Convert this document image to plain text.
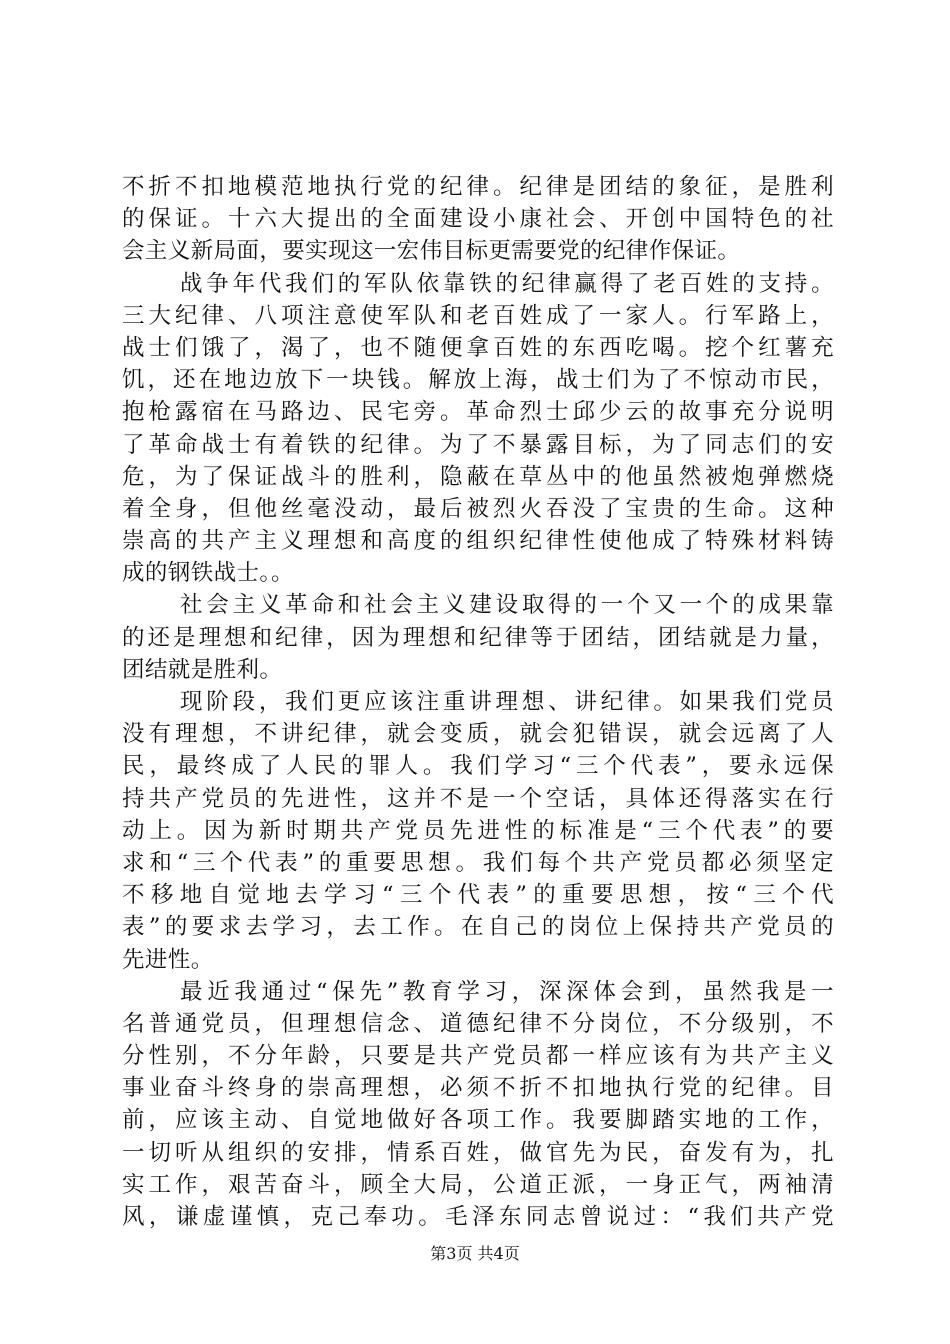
不折不扣地模范地执行党的纪律。纪律是团结的象征，是胜利
的保证。十六大提出的全面建设小康社会、开创中国特色的社
会主义新局面，要实现这一宏伟目标更需要党的纪律作保证。
战争年代我们的军队依靠铁的纪律赢得了老百姓的支持。
三大纪律、八项注意使军队和老百姓成了一家人。行军路上，
战士们饿了，渴了，也不随便拿百姓的东西吃喝。挖个红薯充
饥，还在地边放下一块钱。解放上海，战士们为了不惊动市民，
抱枪露宿在马路边、民宅旁。革命烈士邱少云的故事充分说明
了革命战士有着铁的纪律。为了不暴露目标，为了同志们的安
危，为了保证战斗的胜利，隐蔽在草丛中的他虽然被炮弹燃烧
着全身，但他丝毫没动，最后被烈火吞没了宝贵的生命。这种
崇高的共产主义理想和高度的组织纪律性使他成了特殊材料铸
成的钢铁战士。。
社会主义革命和社会主义建设取得的一个又一个的成果靠
的还是理想和纪律，因为理想和纪律等于团结，团结就是力量，
团结就是胜利。
现阶段，我们更应该注重讲理想、讲纪律。如果我们党员
没有理想，不讲纪律，就会变质，就会犯错误，就会远离了人
民，最终成了人民的罪人。我们学习“三个代表”，要永远保
持共产党员的先进性，这并不是一个空话，具体还得落实在行
动上。因为新时期共产党员先进性的标准是“三个代表”的要
求和“三个代表”的重要思想。我们每个共产党员都必须坚定
不移地自觉地去学习“三个代表”的重要思想，按“三个代
表”的要求去学习，去工作。在自己的岗位上保持共产党员的
先进性。
最近我通过“保先”教育学习，深深体会到，虽然我是一
名普通党员，但理想信念、道德纪律不分岗位，不分级别，不
分性别，不分年龄，只要是共产党员都一样应该有为共产主义
事业奋斗终身的崇高理想，必须不折不扣地执行党的纪律。目
前，应该主动、自觉地做好各项工作。我要脚踏实地的工作，
一切听从组织的安排，情系百姓，做官先为民，奋发有为，扎
实工作，艰苦奋斗，顾全大局，公道正派，一身正气，两袖清
风，谦虚谨慎，克己奉功。毛泽东同志曾说过：“我们共产党
第3页 共4页
